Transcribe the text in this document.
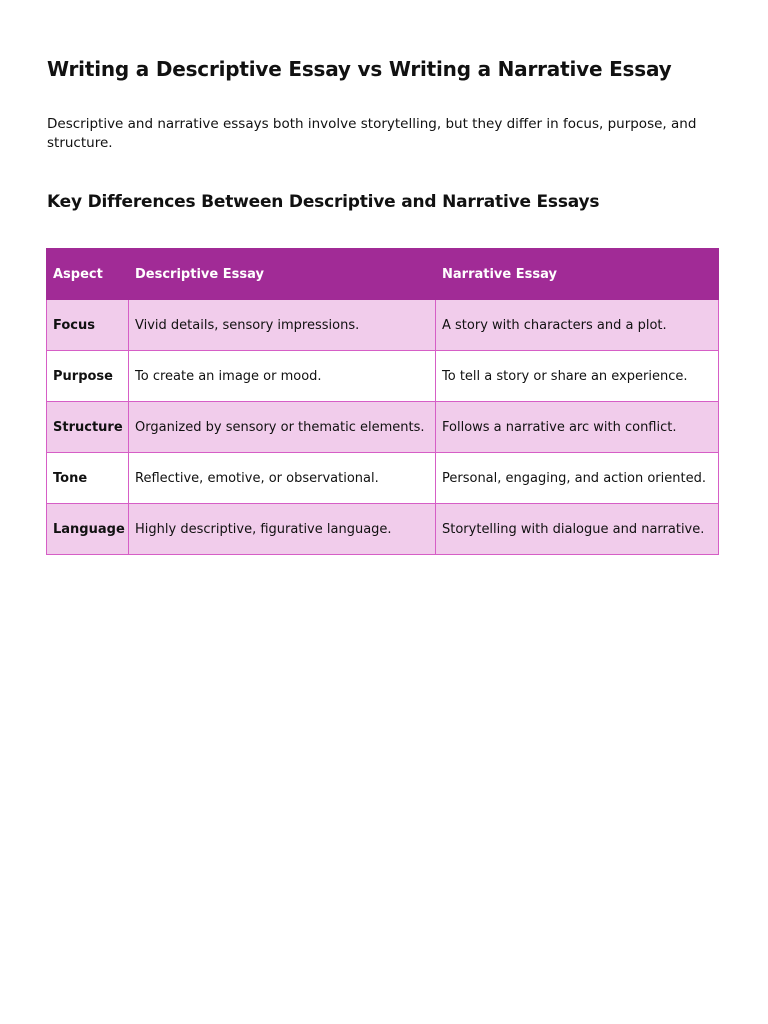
Writing a Descriptive Essay vs Writing a Narrative Essay

Descriptive and narrative essays both involve storytelling, but they differ in focus, purpose, and structure.

Key Differences Between Descriptive and Narrative Essays
Aspect	Descriptive Essay	Narrative Essay
Focus	Vivid details, sensory impressions.	A story with characters and a plot.
Purpose	To create an image or mood.	To tell a story or share an experience.
Structure	Organized by sensory or thematic elements.	Follows a narrative arc with conflict.
Tone	Reflective, emotive, or observational.	Personal, engaging, and action oriented.
Language	Highly descriptive, figurative language.	Storytelling with dialogue and narrative.
